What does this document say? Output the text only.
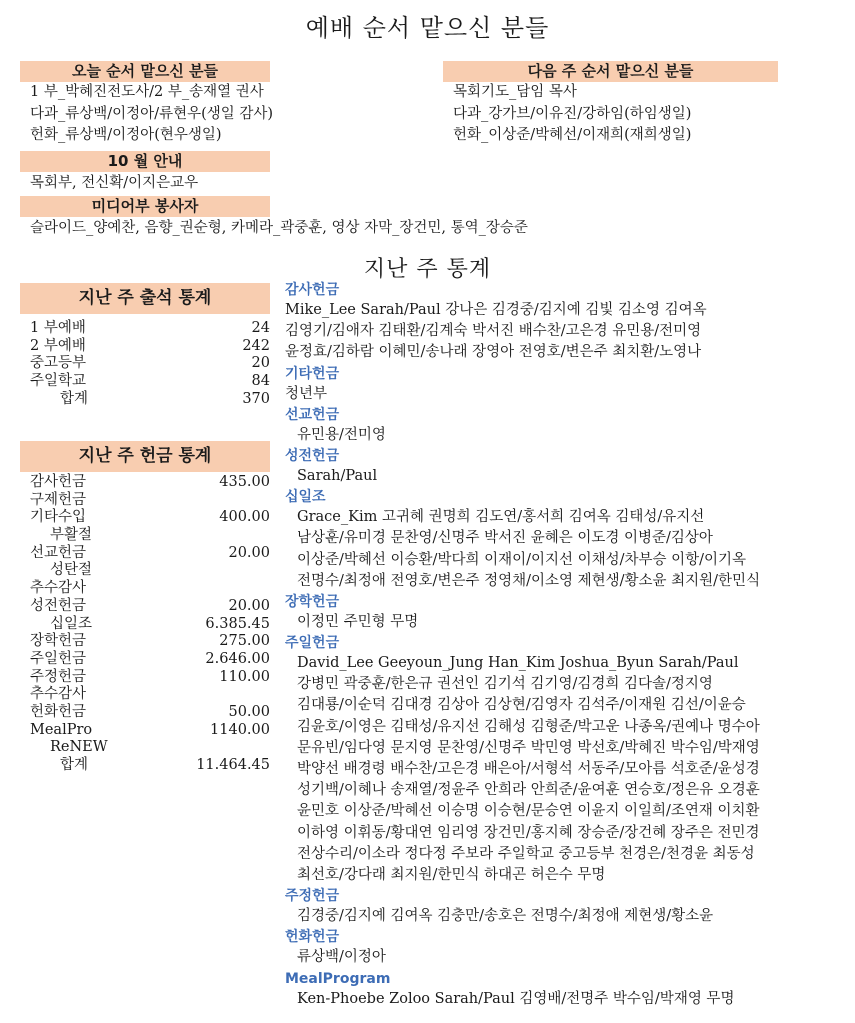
예배 순서 맡으신 분들
오늘 순서 맡으신 분들
1 부_박혜진전도사/2 부_송재열 권사
다과_류상백/이정아/류현우(생일 감사)
헌화_류상백/이정아(현우생일)
다음 주 순서 맡으신 분들
목회기도_담임 목사
다과_강가브/이유진/강하임(하임생일)
헌화_이상준/박혜선/이재희(재희생일)
10 월 안내
목회부, 전신확/이지은교우
미디어부 봉사자
슬라이드_양예찬, 음향_권순형, 카메라_곽중훈, 영상 자막_장건민, 통역_장승준
지난 주 통계
지난 주 출석 통계
1 부예배	24
2 부예배	242
중고등부	20
주일학교	84
합계	370
지난 주 헌금 통계
감사헌금	435.00
구제헌금
기타수입	400.00
부활절
선교헌금	20.00
성탄절
추수감사
성전헌금	20.00
십일조	6.385.45
장학헌금	275.00
주일헌금	2.646.00
주정헌금	110.00
추수감사
헌화헌금	50.00
MealPro	1140.00
ReNEW
합계	11.464.45
감사헌금
Mike_Lee Sarah/Paul 강나은 김경중/김지예 김빛 김소영 김여옥
김영기/김애자 김태환/김계숙 박서진 배수찬/고은경 유민용/전미영
윤정효/김하람 이혜민/송나래 장영아 전영호/변은주 최치환/노영나
기타헌금
청년부
선교헌금
유민용/전미영
성전헌금
Sarah/Paul
십일조
Grace_Kim 고귀혜 권명희 김도연/홍서희 김여옥 김태성/유지선
남상훈/유미경 문찬영/신명주 박서진 윤혜은 이도경 이병준/김상아
이상준/박혜선 이승환/박다희 이재이/이지선 이채성/차부승 이항/이기옥
전명수/최정애 전영호/변은주 정영채/이소영 제현생/황소윤 최지원/한민식
장학헌금
이정민 주민형 무명
주일헌금
David_Lee Geeyoun_Jung Han_Kim Joshua_Byun Sarah/Paul
강병민 곽중훈/한은규 권선인 김기석 김기영/김경희 김다솔/정지영
김대룡/이순덕 김대경 김상아 김상현/김영자 김석주/이재원 김선/이윤승
김윤호/이영은 김태성/유지선 김해성 김형준/박고운 나종옥/권예나 명수아
문유빈/임다영 문지영 문찬영/신명주 박민영 박선호/박혜진 박수임/박재영
박양선 배경령 배수찬/고은경 배은아/서형석 서동주/모아름 석호준/윤성경
성기백/이혜나 송재열/정윤주 안희라 안희준/윤여훈 연승호/정은유 오경훈
윤민호 이상준/박혜선 이승명 이승현/문승연 이윤지 이일희/조연재 이치환
이하영 이휘동/황대연 임리영 장건민/홍지혜 장승준/장건혜 장주은 전민경
전상수리/이소라 정다정 주보라 주일학교 중고등부 천경은/천경윤 최동성
최선호/강다래 최지원/한민식 하대곤 허은수 무명
주정헌금
김경중/김지예 김여옥 김충만/송호은 전명수/최정애 제현생/황소윤
헌화헌금
류상백/이정아
MealProgram
Ken-Phoebe Zoloo Sarah/Paul 김영배/전명주 박수임/박재영 무명
